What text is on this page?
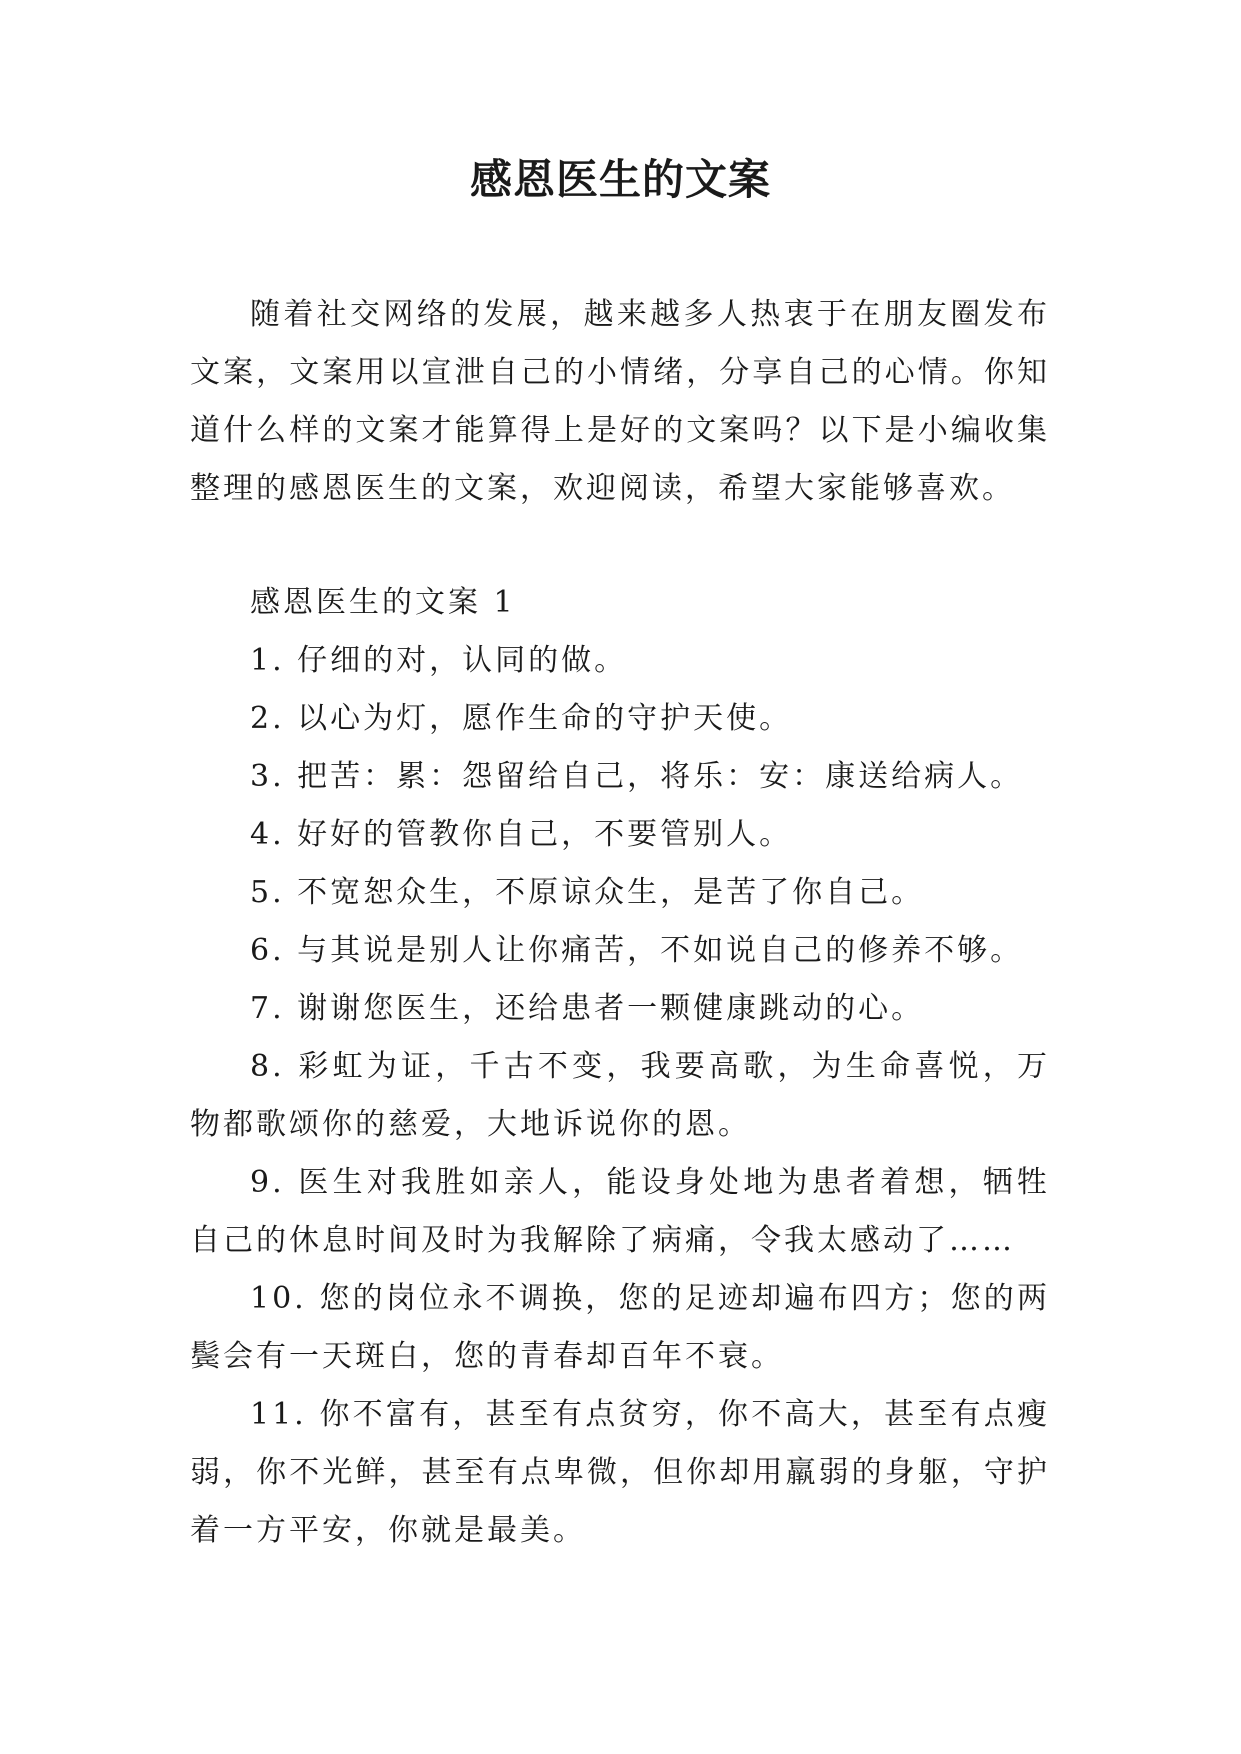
感恩医生的文案

随着社交网络的发展，越来越多人热衷于在朋友圈发布文案，文案用以宣泄自己的小情绪，分享自己的心情。你知道什么样的文案才能算得上是好的文案吗？以下是小编收集整理的感恩医生的文案，欢迎阅读，希望大家能够喜欢。

感恩医生的文案 1

1. 仔细的对，认同的做。

2. 以心为灯，愿作生命的守护天使。

3. 把苦：累：怨留给自己，将乐：安：康送给病人。

4. 好好的管教你自己，不要管别人。

5. 不宽恕众生，不原谅众生，是苦了你自己。

6. 与其说是别人让你痛苦，不如说自己的修养不够。

7. 谢谢您医生，还给患者一颗健康跳动的心。

8. 彩虹为证，千古不变，我要高歌，为生命喜悦，万物都歌颂你的慈爱，大地诉说你的恩。

9. 医生对我胜如亲人，能设身处地为患者着想，牺牲自己的休息时间及时为我解除了病痛，令我太感动了……

10. 您的岗位永不调换，您的足迹却遍布四方；您的两鬓会有一天斑白，您的青春却百年不衰。

11. 你不富有，甚至有点贫穷，你不高大，甚至有点瘦弱，你不光鲜，甚至有点卑微，但你却用羸弱的身躯，守护着一方平安，你就是最美。
